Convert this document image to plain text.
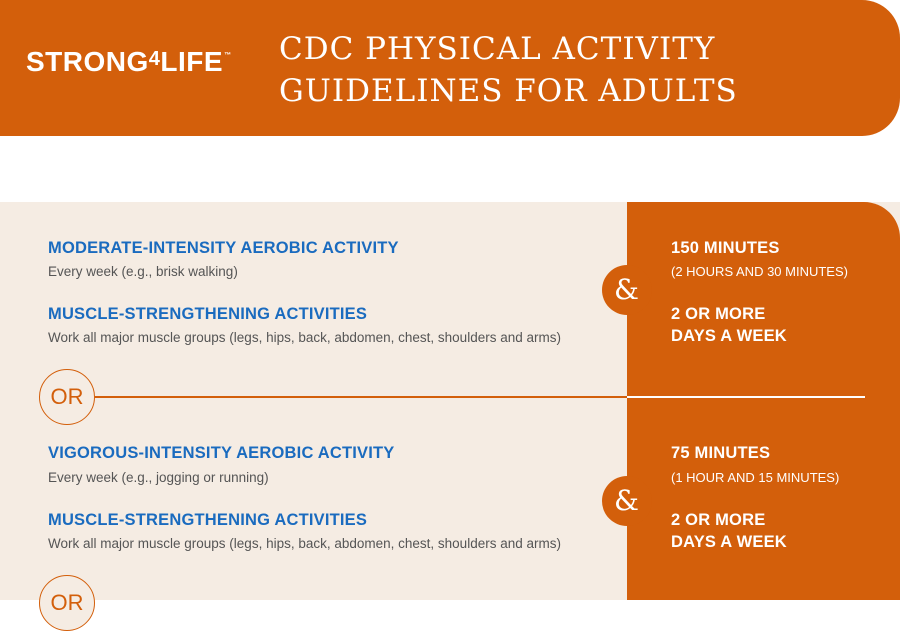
STRONG$^4$LIFE™ CDC PHYSICAL ACTIVITY
GUIDELINES FOR ADULTS
MODERATE-INTENSITY AEROBIC ACTIVITY
Every week (e.g., brisk walking)
MUSCLE-STRENGTHENING ACTIVITIES
Work all major muscle groups (legs, hips, back, abdomen, chest, shoulders and arms)
150 MINUTES
(2 HOURS AND 30 MINUTES)
&
2 OR MORE
DAYS A WEEK
OR
VIGOROUS-INTENSITY AEROBIC ACTIVITY
Every week (e.g., jogging or running)
MUSCLE-STRENGTHENING ACTIVITIES
Work all major muscle groups (legs, hips, back, abdomen, chest, shoulders and arms)
75 MINUTES
(1 HOUR AND 15 MINUTES)
&
2 OR MORE
DAYS A WEEK
OR
